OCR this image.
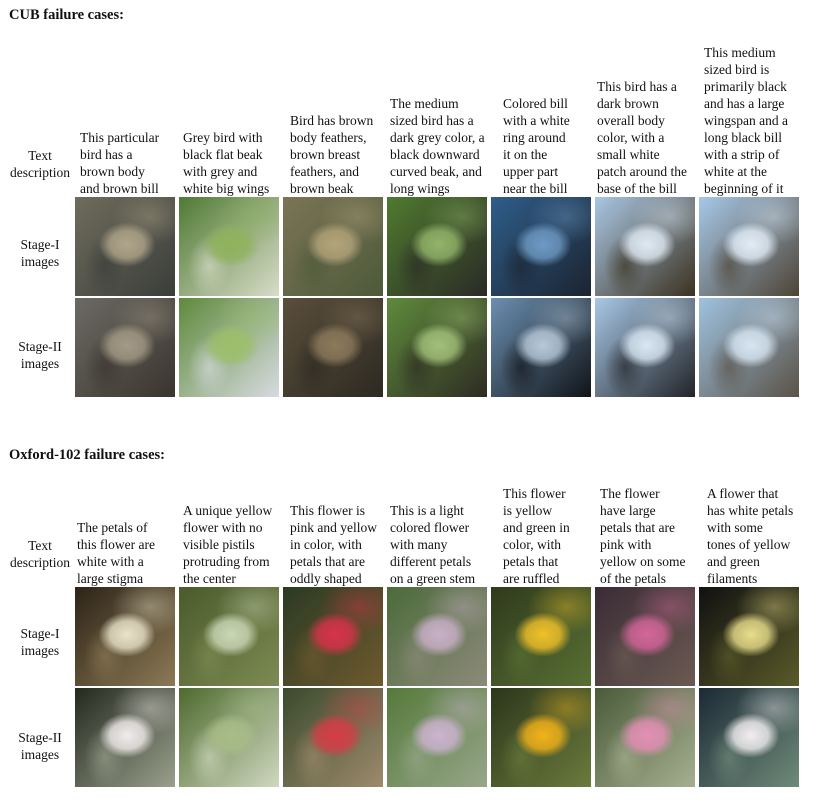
CUB failure cases:
Text
description
Stage-I
images
Stage-II
images
This particular
bird has a
brown body
and brown bill
Grey bird with
black flat beak
with grey and
white big wings
Bird has brown
body feathers,
brown breast
feathers, and
brown beak
The medium
sized bird has a
dark grey color, a
black downward
curved beak, and
long wings
Colored bill
with a white
ring around
it on the
upper part
near the bill
This bird has a
dark brown
overall body
color, with a
small white
patch around the
base of the bill
This medium
sized bird is
primarily black
and has a large
wingspan and a
long black bill
with a strip of
white at the
beginning of it
Oxford-102 failure cases:
Text
description
Stage-I
images
Stage-II
images
The petals of
this flower are
white with a
large stigma
A unique yellow
flower with no
visible pistils
protruding from
the center
This flower is
pink and yellow
in color, with
petals that are
oddly shaped
This is a light
colored flower
with many
different petals
on a green stem
This flower
is yellow
and green in
color, with
petals that
are ruffled
The flower
have large
petals that are
pink with
yellow on some
of the petals
A flower that
has white petals
with some
tones of yellow
and green
filaments
